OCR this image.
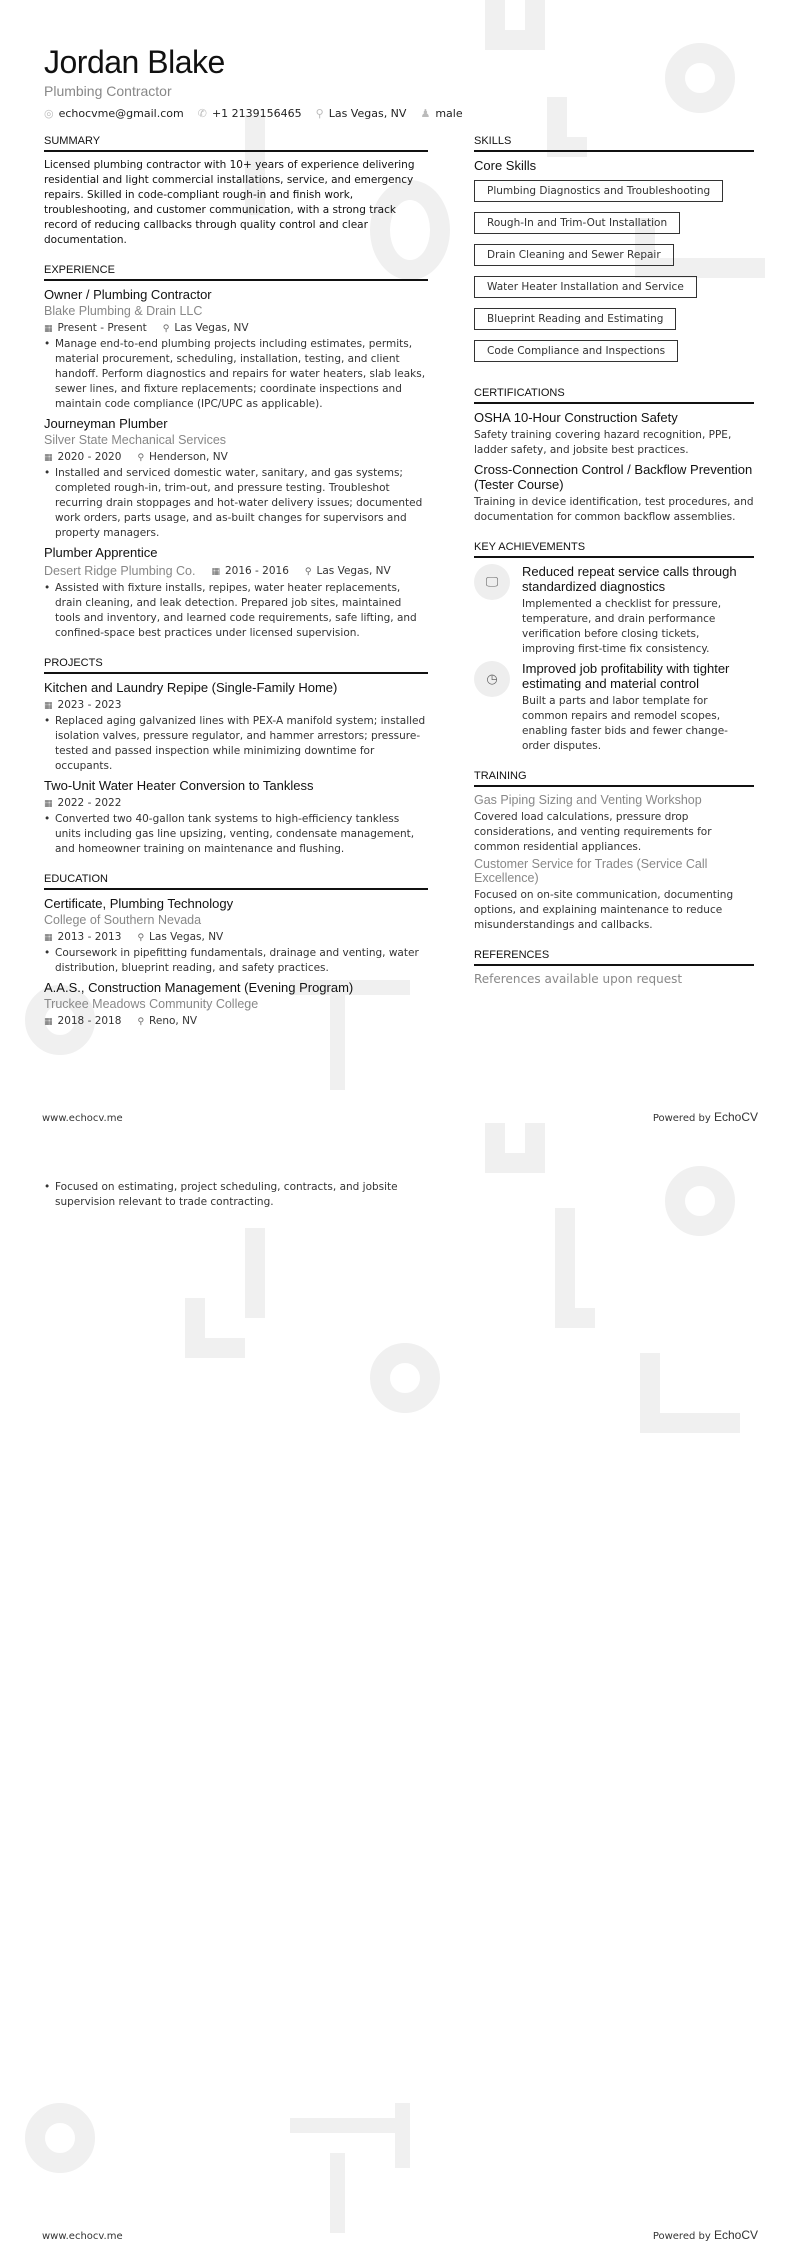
Jordan Blake
Plumbing Contractor
◎ echocvme@gmail.com ✆ +1 2139156465 ⚲ Las Vegas, NV ♟ male
SUMMARY
Licensed plumbing contractor with 10+ years of experience delivering residential and light commercial installations, service, and emergency repairs. Skilled in code-compliant rough-in and finish work, troubleshooting, and customer communication, with a strong track record of reducing callbacks through quality control and clear documentation.
EXPERIENCE
Owner / Plumbing Contractor
Blake Plumbing & Drain LLC
▦ Present - Present ⚲ Las Vegas, NV
• Manage end-to-end plumbing projects including estimates, permits, material procurement, scheduling, installation, testing, and client handoff. Perform diagnostics and repairs for water heaters, slab leaks, sewer lines, and fixture replacements; coordinate inspections and maintain code compliance (IPC/UPC as applicable).
Journeyman Plumber
Silver State Mechanical Services
▦ 2020 - 2020 ⚲ Henderson, NV
• Installed and serviced domestic water, sanitary, and gas systems; completed rough-in, trim-out, and pressure testing. Troubleshot recurring drain stoppages and hot-water delivery issues; documented work orders, parts usage, and as-built changes for supervisors and property managers.
Plumber Apprentice
Desert Ridge Plumbing Co. ▦ 2016 - 2016 ⚲ Las Vegas, NV
• Assisted with fixture installs, repipes, water heater replacements, drain cleaning, and leak detection. Prepared job sites, maintained tools and inventory, and learned code requirements, safe lifting, and confined-space best practices under licensed supervision.
PROJECTS
Kitchen and Laundry Repipe (Single-Family Home)
▦ 2023 - 2023
• Replaced aging galvanized lines with PEX-A manifold system; installed isolation valves, pressure regulator, and hammer arrestors; pressure-tested and passed inspection while minimizing downtime for occupants.
Two-Unit Water Heater Conversion to Tankless
▦ 2022 - 2022
• Converted two 40-gallon tank systems to high-efficiency tankless units including gas line upsizing, venting, condensate management, and homeowner training on maintenance and flushing.
EDUCATION
Certificate, Plumbing Technology
College of Southern Nevada
▦ 2013 - 2013 ⚲ Las Vegas, NV
• Coursework in pipefitting fundamentals, drainage and venting, water distribution, blueprint reading, and safety practices.
A.A.S., Construction Management (Evening Program)
Truckee Meadows Community College
▦ 2018 - 2018 ⚲ Reno, NV
SKILLS
Core Skills
Plumbing Diagnostics and Troubleshooting
Rough-In and Trim-Out Installation
Drain Cleaning and Sewer Repair
Water Heater Installation and Service
Blueprint Reading and Estimating
Code Compliance and Inspections
CERTIFICATIONS
OSHA 10-Hour Construction Safety
Safety training covering hazard recognition, PPE, ladder safety, and jobsite best practices.
Cross-Connection Control / Backflow Prevention (Tester Course)
Training in device identification, test procedures, and documentation for common backflow assemblies.
KEY ACHIEVEMENTS
🖵
Reduced repeat service calls through standardized diagnostics
Implemented a checklist for pressure, temperature, and drain performance verification before closing tickets, improving first-time fix consistency.
◷
Improved job profitability with tighter estimating and material control
Built a parts and labor template for common repairs and remodel scopes, enabling faster bids and fewer change-order disputes.
TRAINING
Gas Piping Sizing and Venting Workshop
Covered load calculations, pressure drop considerations, and venting requirements for common residential appliances.
Customer Service for Trades (Service Call Excellence)
Focused on on-site communication, documenting options, and explaining maintenance to reduce misunderstandings and callbacks.
REFERENCES
References available upon request
www.echocv.me	Powered by EchoCV
• Focused on estimating, project scheduling, contracts, and jobsite supervision relevant to trade contracting.
www.echocv.me	Powered by EchoCV
